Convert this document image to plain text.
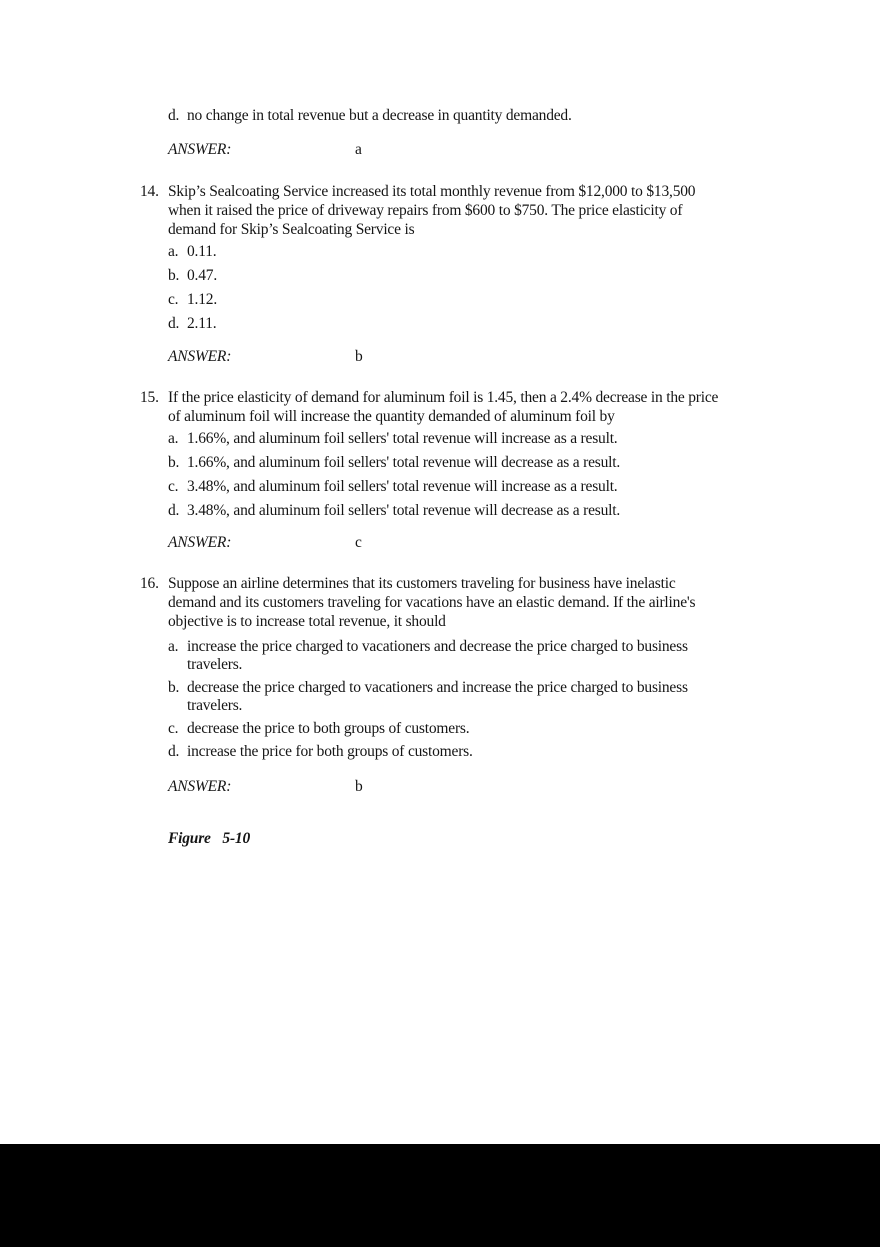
d. no change in total revenue but a decrease in quantity demanded.
ANSWER:	a
14. Skip’s Sealcoating Service increased its total monthly revenue from $12,000 to $13,500
when it raised the price of driveway repairs from $600 to $750. The price elasticity of
demand for Skip’s Sealcoating Service is
a. 0.11.
b. 0.47.
c. 1.12.
d. 2.11.
ANSWER:	b
15. If the price elasticity of demand for aluminum foil is 1.45, then a 2.4% decrease in the price
of aluminum foil will increase the quantity demanded of aluminum foil by
a. 1.66%, and aluminum foil sellers' total revenue will increase as a result.
b. 1.66%, and aluminum foil sellers' total revenue will decrease as a result.
c. 3.48%, and aluminum foil sellers' total revenue will increase as a result.
d. 3.48%, and aluminum foil sellers' total revenue will decrease as a result.
ANSWER:	c
16. Suppose an airline determines that its customers traveling for business have inelastic
demand and its customers traveling for vacations have an elastic demand. If the airline's
objective is to increase total revenue, it should
a. increase the price charged to vacationers and decrease the price charged to business
travelers.
b. decrease the price charged to vacationers and increase the price charged to business
travelers.
c. decrease the price to both groups of customers.
d. increase the price for both groups of customers.
ANSWER:	b
Figure 5-10
